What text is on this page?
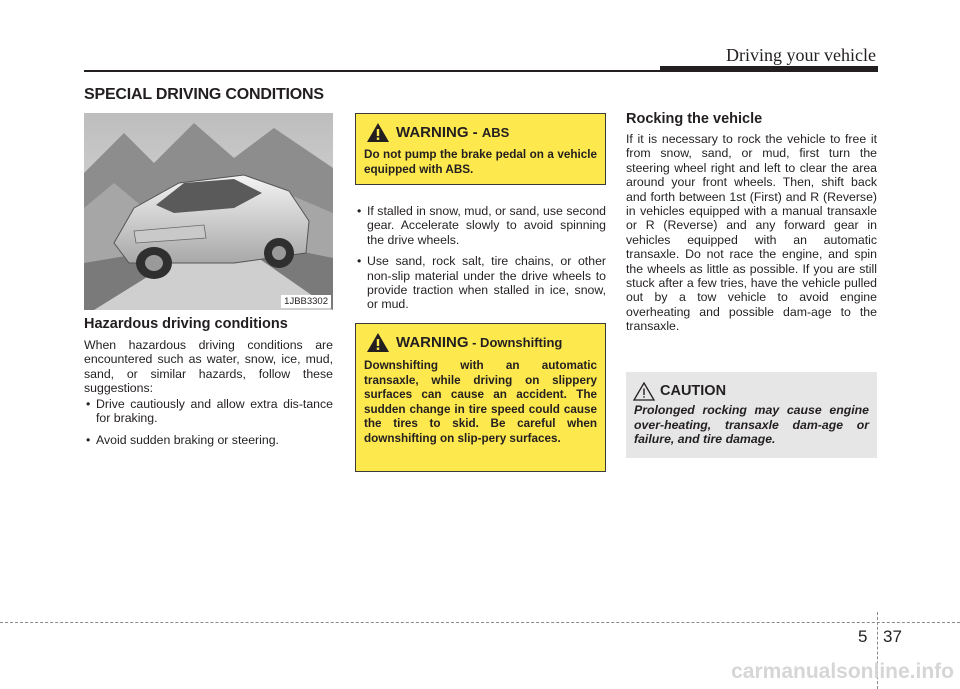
Driving your vehicle
SPECIAL DRIVING CONDITIONS
1JBB3302
Hazardous driving conditions
When hazardous driving conditions are encountered such as water, snow, ice, mud, sand, or similar hazards, follow these suggestions:
• Drive cautiously and allow extra dis-tance for braking.
• Avoid sudden braking or steering.
WARNING - ABS
Do not pump the brake pedal on a vehicle equipped with ABS.
• If stalled in snow, mud, or sand, use second gear. Accelerate slowly to avoid spinning the drive wheels.
• Use sand, rock salt, tire chains, or other non-slip material under the drive wheels to provide traction when stalled in ice, snow, or mud.
WARNING - Downshifting
Downshifting with an automatic transaxle, while driving on slippery surfaces can cause an accident. The sudden change in tire speed could cause the tires to skid. Be careful when downshifting on slip-pery surfaces.
Rocking the vehicle
If it is necessary to rock the vehicle to free it from snow, sand, or mud, first turn the steering wheel right and left to clear the area around your front wheels. Then, shift back and forth between 1st (First) and R (Reverse) in vehicles equipped with a manual transaxle or R (Reverse) and any forward gear in vehicles equipped with an automatic transaxle. Do not race the engine, and spin the wheels as little as possible. If you are still stuck after a few tries, have the vehicle pulled out by a tow vehicle to avoid engine overheating and possible dam-age to the transaxle.
CAUTION
Prolonged rocking may cause engine over-heating, transaxle dam-age or failure, and tire damage.
5 37
carmanualsonline.info
